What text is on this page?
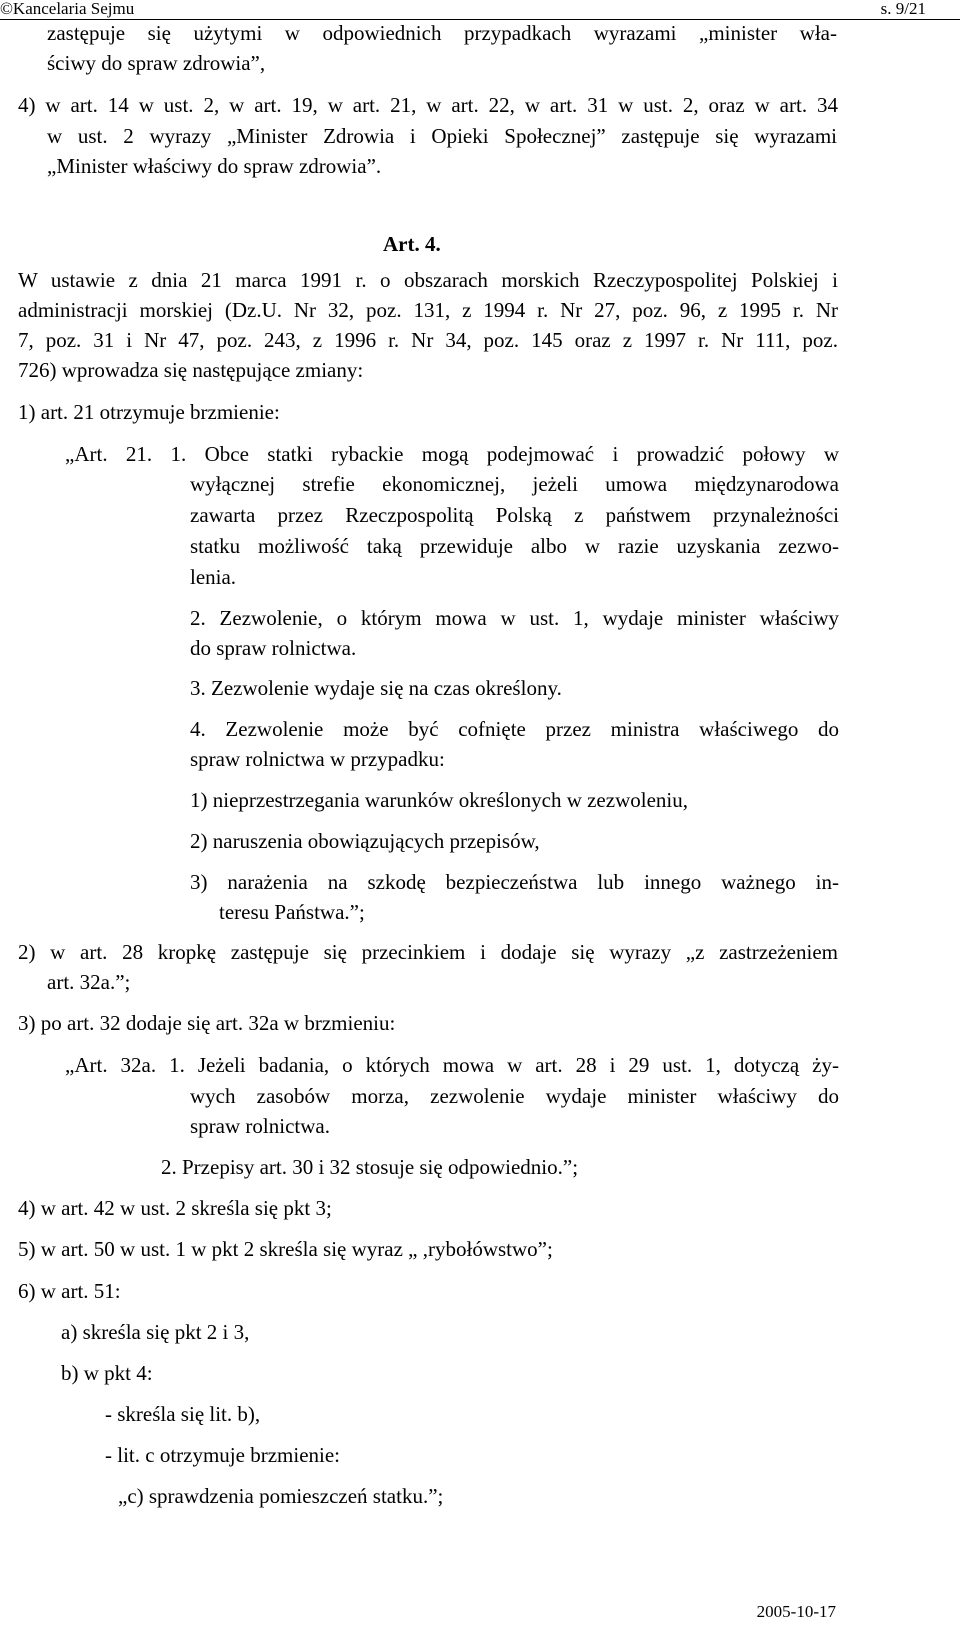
©Kancelaria Sejmu	s. 9/21
zastępuje się użytymi w odpowiednich przypadkach wyrazami „minister wła-
ściwy do spraw zdrowia”,
4) w art. 14 w ust. 2, w art. 19, w art. 21, w art. 22, w art. 31 w ust. 2, oraz w art. 34
w ust. 2 wyrazy „Minister Zdrowia i Opieki Społecznej” zastępuje się wyrazami
„Minister właściwy do spraw zdrowia”.
Art. 4.
W ustawie z dnia 21 marca 1991 r. o obszarach morskich Rzeczypospolitej Polskiej i
administracji morskiej (Dz.U. Nr 32, poz. 131, z 1994 r. Nr 27, poz. 96, z 1995 r. Nr
7, poz. 31 i Nr 47, poz. 243, z 1996 r. Nr 34, poz. 145 oraz z 1997 r. Nr 111, poz.
726) wprowadza się następujące zmiany:
1) art. 21 otrzymuje brzmienie:
„Art. 21. 1. Obce statki rybackie mogą podejmować i prowadzić połowy w
wyłącznej strefie ekonomicznej, jeżeli umowa międzynarodowa
zawarta przez Rzeczpospolitą Polską z państwem przynależności
statku możliwość taką przewiduje albo w razie uzyskania zezwo-
lenia.
2. Zezwolenie, o którym mowa w ust. 1, wydaje minister właściwy
do spraw rolnictwa.
3. Zezwolenie wydaje się na czas określony.
4. Zezwolenie może być cofnięte przez ministra właściwego do
spraw rolnictwa w przypadku:
1) nieprzestrzegania warunków określonych w zezwoleniu,
2) naruszenia obowiązujących przepisów,
3) narażenia na szkodę bezpieczeństwa lub innego ważnego in-
teresu Państwa.”;
2) w art. 28 kropkę zastępuje się przecinkiem i dodaje się wyrazy „z zastrzeżeniem
art. 32a.”;
3) po art. 32 dodaje się art. 32a w brzmieniu:
„Art. 32a. 1. Jeżeli badania, o których mowa w art. 28 i 29 ust. 1, dotyczą ży-
wych zasobów morza, zezwolenie wydaje minister właściwy do
spraw rolnictwa.
2. Przepisy art. 30 i 32 stosuje się odpowiednio.”;
4) w art. 42 w ust. 2 skreśla się pkt 3;
5) w art. 50 w ust. 1 w pkt 2 skreśla się wyraz „ ,rybołówstwo”;
6) w art. 51:
a) skreśla się pkt 2 i 3,
b) w pkt 4:
- skreśla się lit. b),
- lit. c otrzymuje brzmienie:
„c) sprawdzenia pomieszczeń statku.”;
2005-10-17
